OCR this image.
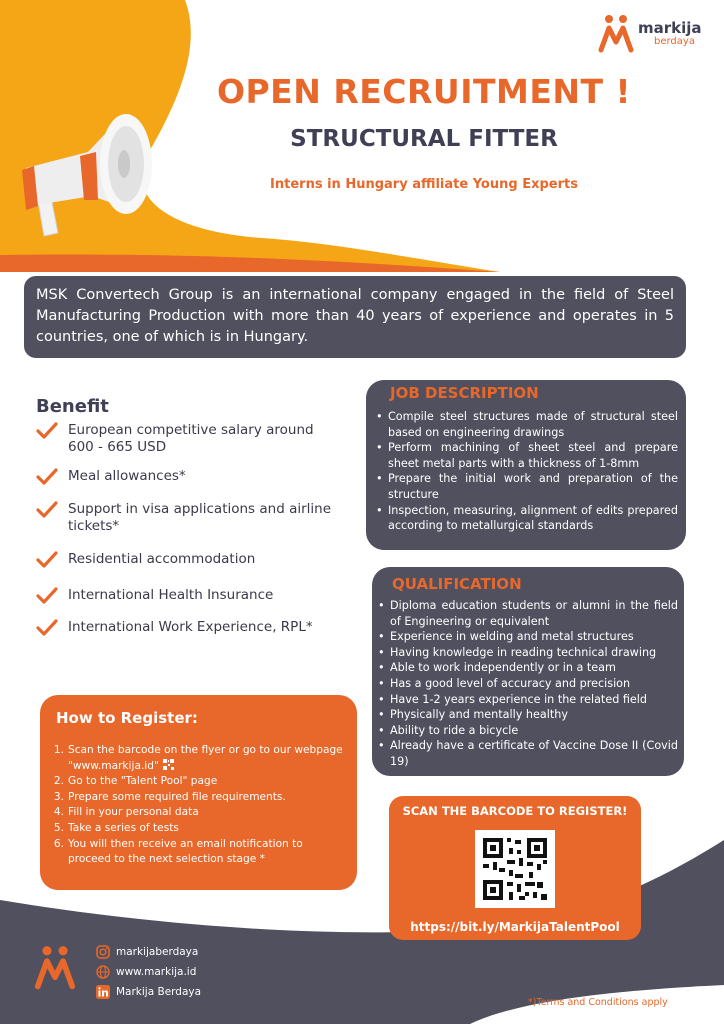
markija
berdaya
OPEN RECRUITMENT !
STRUCTURAL FITTER
Interns in Hungary affiliate Young Experts
MSK Convertech Group is an international company engaged in the field of Steel Manufacturing Production with more than 40 years of experience and operates in 5 countries, one of which is in Hungary.
Benefit
European competitive salary around 600 - 665 USD
Meal allowances*
Support in visa applications and airline tickets*
Residential accommodation
International Health Insurance
International Work Experience, RPL*
JOB DESCRIPTION
• Compile steel structures made of structural steel based on engineering drawings
• Perform machining of sheet steel and prepare sheet metal parts with a thickness of 1-8mm
• Prepare the initial work and preparation of the structure
• Inspection, measuring, alignment of edits prepared according to metallurgical standards
QUALIFICATION
• Diploma education students or alumni in the field of Engineering or equivalent
• Experience in welding and metal structures
• Having knowledge in reading technical drawing
• Able to work independently or in a team
• Has a good level of accuracy and precision
• Have 1-2 years experience in the related field
• Physically and mentally healthy
• Ability to ride a bicycle
• Already have a certificate of Vaccine Dose II (Covid 19)
How to Register:
1. Scan the barcode on the flyer or go to our webpage "www.markija.id"
2. Go to the "Talent Pool" page
3. Prepare some required file requirements.
4. Fill in your personal data
5. Take a series of tests
6. You will then receive an email notification to proceed to the next selection stage *
SCAN THE BARCODE TO REGISTER!
https://bit.ly/MarkijaTalentPool
markijaberdaya
www.markija.id
Markija Berdaya
*)Terms and Conditions apply
